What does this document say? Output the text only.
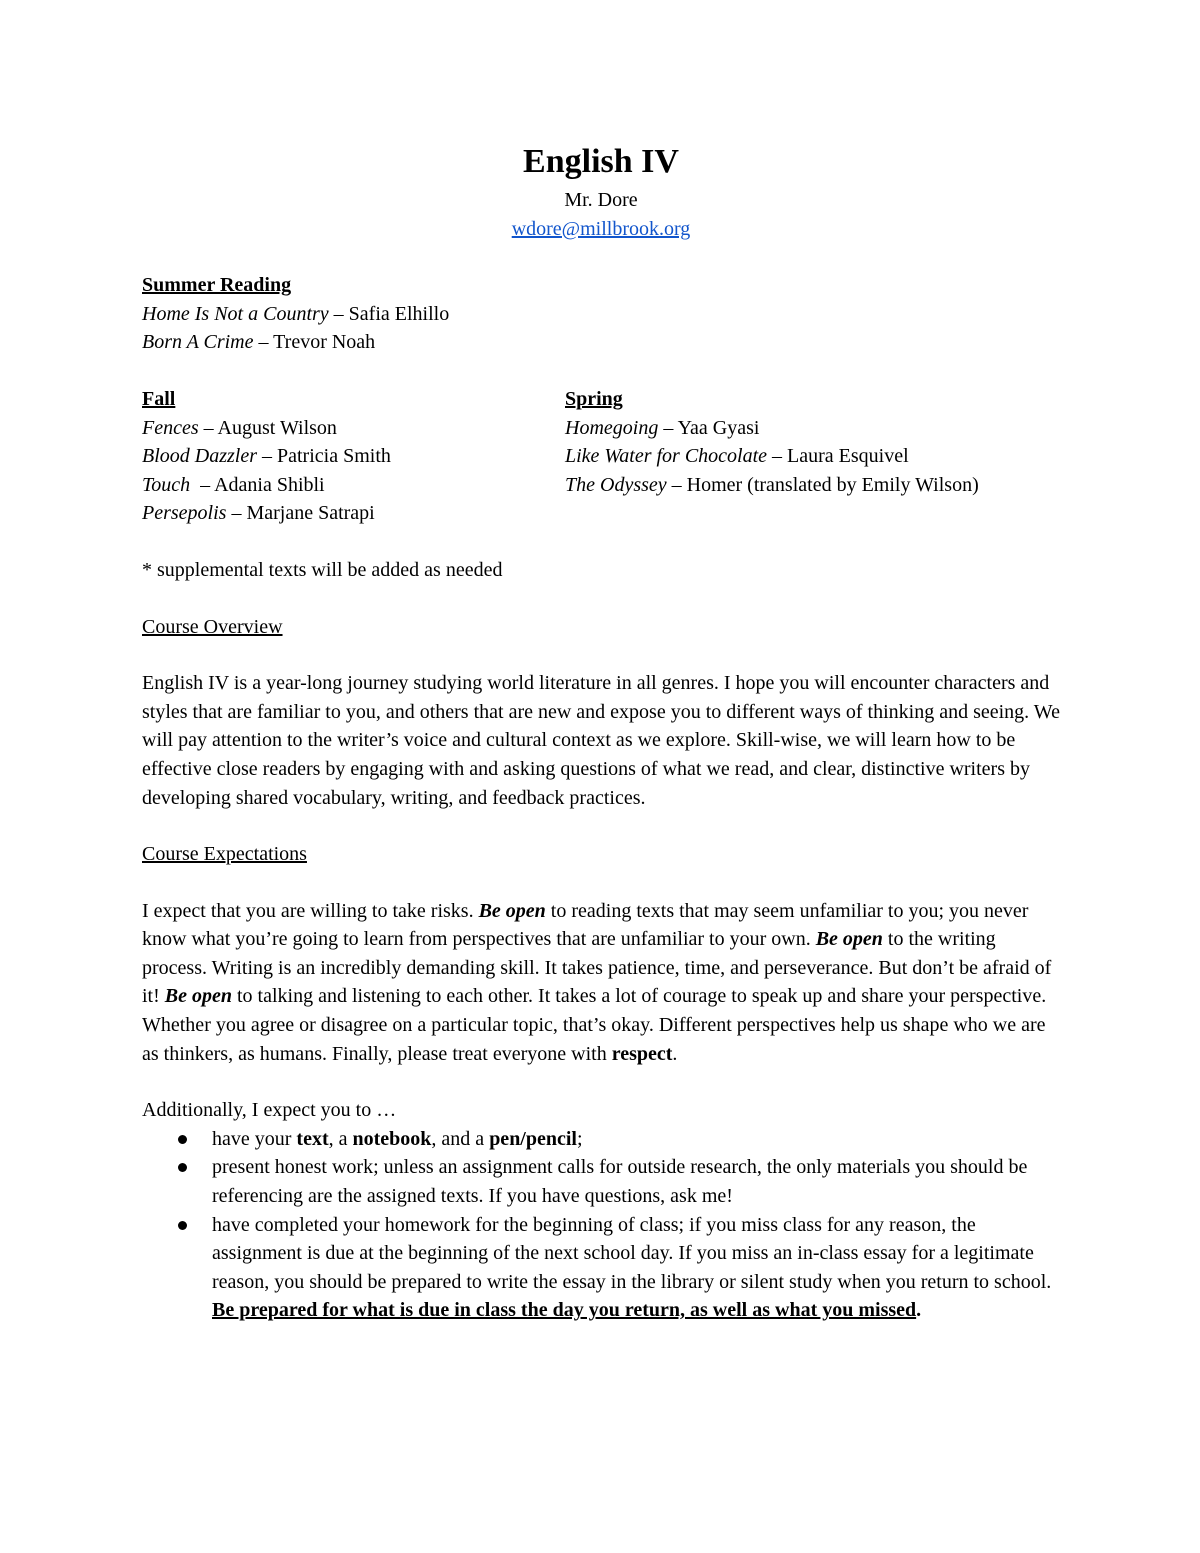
English IV

Mr. Dore

wdore@millbrook.org

Summer Reading

Home Is Not a Country – Safia Elhillo

Born A Crime – Trevor Noah

Fall

Fences – August Wilson

Blood Dazzler – Patricia Smith

Touch  – Adania Shibli

Persepolis – Marjane Satrapi

Spring

Homegoing – Yaa Gyasi

Like Water for Chocolate – Laura Esquivel

The Odyssey – Homer (translated by Emily Wilson)

* supplemental texts will be added as needed

Course Overview

English IV is a year-long journey studying world literature in all genres. I hope you will encounter characters and styles that are familiar to you, and others that are new and expose you to different ways of thinking and seeing. We will pay attention to the writer’s voice and cultural context as we explore. Skill-wise, we will learn how to be effective close readers by engaging with and asking questions of what we read, and clear, distinctive writers by developing shared vocabulary, writing, and feedback practices.

Course Expectations

I expect that you are willing to take risks. Be open to reading texts that may seem unfamiliar to you; you never know what you’re going to learn from perspectives that are unfamiliar to your own. Be open to the writing process. Writing is an incredibly demanding skill. It takes patience, time, and perseverance. But don’t be afraid of it! Be open to talking and listening to each other. It takes a lot of courage to speak up and share your perspective. Whether you agree or disagree on a particular topic, that’s okay. Different perspectives help us shape who we are as thinkers, as humans. Finally, please treat everyone with respect.

Additionally, I expect you to …

have your text, a notebook, and a pen/pencil;
present honest work; unless an assignment calls for outside research, the only materials you should be referencing are the assigned texts. If you have questions, ask me!
have completed your homework for the beginning of class; if you miss class for any reason, the assignment is due at the beginning of the next school day. If you miss an in-class essay for a legitimate reason, you should be prepared to write the essay in the library or silent study when you return to school. Be prepared for what is due in class the day you return, as well as what you missed.
